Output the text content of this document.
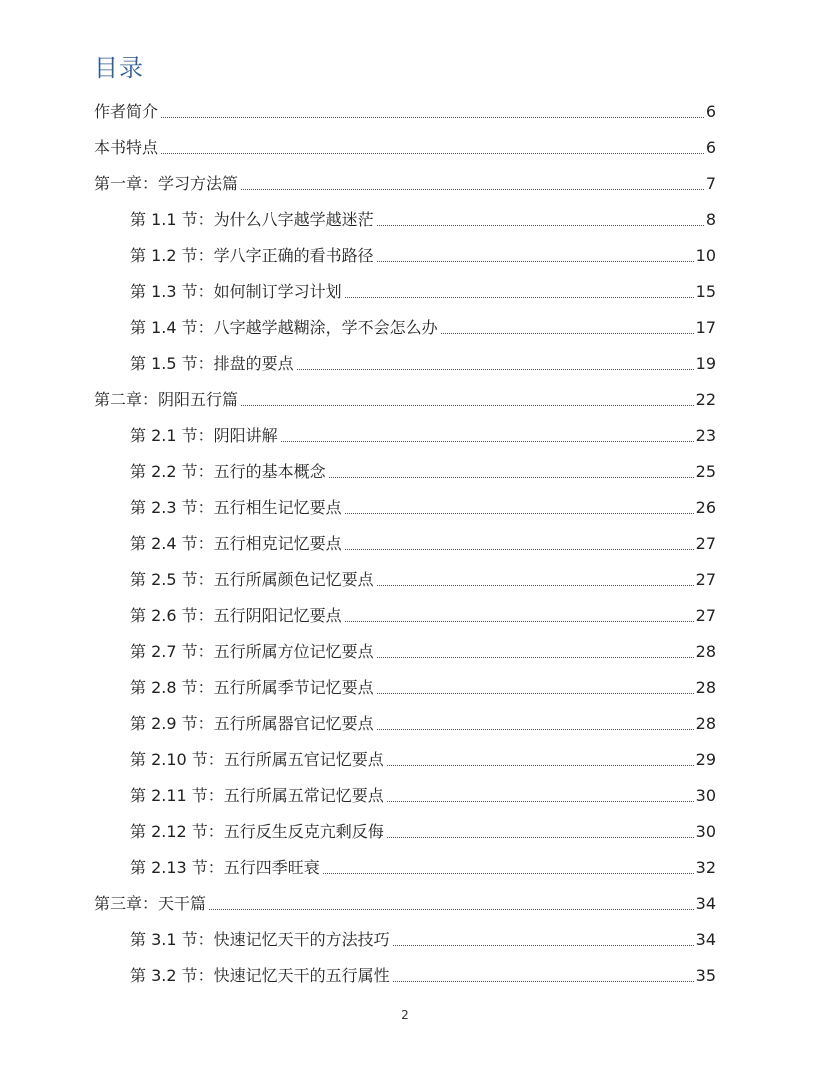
目录
作者简介	6
本书特点	6
第一章：学习方法篇	7
第 1.1 节：为什么八字越学越迷茫	8
第 1.2 节：学八字正确的看书路径	10
第 1.3 节：如何制订学习计划	15
第 1.4 节：八字越学越糊涂，学不会怎么办	17
第 1.5 节：排盘的要点	19
第二章：阴阳五行篇	22
第 2.1 节：阴阳讲解	23
第 2.2 节：五行的基本概念	25
第 2.3 节：五行相生记忆要点	26
第 2.4 节：五行相克记忆要点	27
第 2.5 节：五行所属颜色记忆要点	27
第 2.6 节：五行阴阳记忆要点	27
第 2.7 节：五行所属方位记忆要点	28
第 2.8 节：五行所属季节记忆要点	28
第 2.9 节：五行所属器官记忆要点	28
第 2.10 节：五行所属五官记忆要点	29
第 2.11 节：五行所属五常记忆要点	30
第 2.12 节：五行反生反克亢剩反侮	30
第 2.13 节：五行四季旺衰	32
第三章：天干篇	34
第 3.1 节：快速记忆天干的方法技巧	34
第 3.2 节：快速记忆天干的五行属性	35
2
